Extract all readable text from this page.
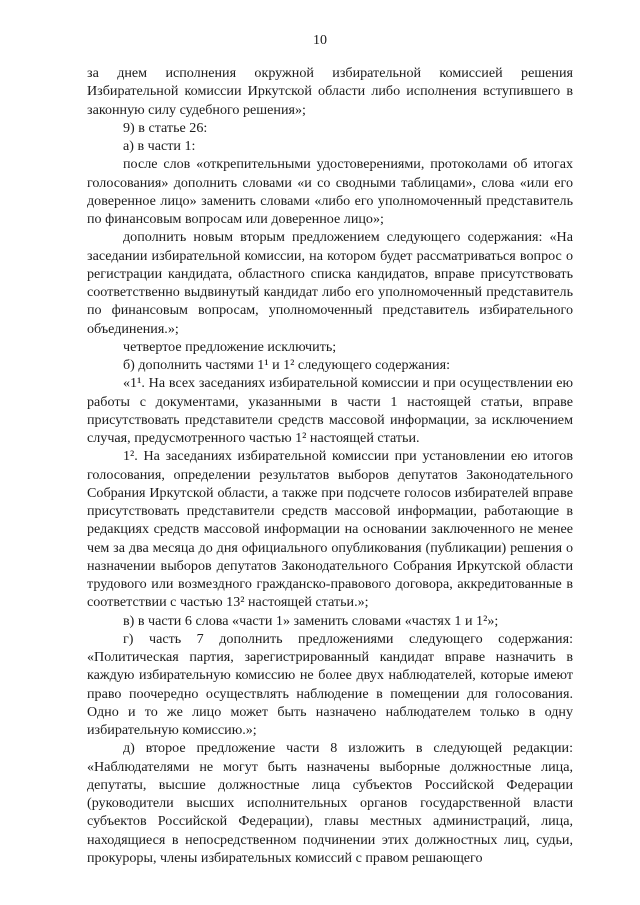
10

за днем исполнения окружной избирательной комиссией решения Избирательной комиссии Иркутской области либо исполнения вступившего в законную силу судебного решения»;

9) в статье 26:

а) в части 1:

после слов «открепительными удостоверениями, протоколами об итогах голосования» дополнить словами «и со сводными таблицами», слова «или его доверенное лицо» заменить словами «либо его уполномоченный представитель по финансовым вопросам или доверенное лицо»;

дополнить новым вторым предложением следующего содержания: «На заседании избирательной комиссии, на котором будет рассматриваться вопрос о регистрации кандидата, областного списка кандидатов, вправе присутствовать соответственно выдвинутый кандидат либо его уполномоченный представитель по финансовым вопросам, уполномоченный представитель избирательного объединения.»;

четвертое предложение исключить;

б) дополнить частями 1¹ и 1² следующего содержания:

«1¹. На всех заседаниях избирательной комиссии и при осуществлении ею работы с документами, указанными в части 1 настоящей статьи, вправе присутствовать представители средств массовой информации, за исключением случая, предусмотренного частью 1² настоящей статьи.

1². На заседаниях избирательной комиссии при установлении ею итогов голосования, определении результатов выборов депутатов Законодательного Собрания Иркутской области, а также при подсчете голосов избирателей вправе присутствовать представители средств массовой информации, работающие в редакциях средств массовой информации на основании заключенного не менее чем за два месяца до дня официального опубликования (публикации) решения о назначении выборов депутатов Законодательного Собрания Иркутской области трудового или возмездного гражданско-правового договора, аккредитованные в соответствии с частью 13² настоящей статьи.»;

в) в части 6 слова «части 1» заменить словами «частях 1 и 1²»;

г) часть 7 дополнить предложениями следующего содержания: «Политическая партия, зарегистрированный кандидат вправе назначить в каждую избирательную комиссию не более двух наблюдателей, которые имеют право поочередно осуществлять наблюдение в помещении для голосования. Одно и то же лицо может быть назначено наблюдателем только в одну избирательную комиссию.»;

д) второе предложение части 8 изложить в следующей редакции: «Наблюдателями не могут быть назначены выборные должностные лица, депутаты, высшие должностные лица субъектов Российской Федерации (руководители высших исполнительных органов государственной власти субъектов Российской Федерации), главы местных администраций, лица, находящиеся в непосредственном подчинении этих должностных лиц, судьи, прокуроры, члены избирательных комиссий с правом решающего
